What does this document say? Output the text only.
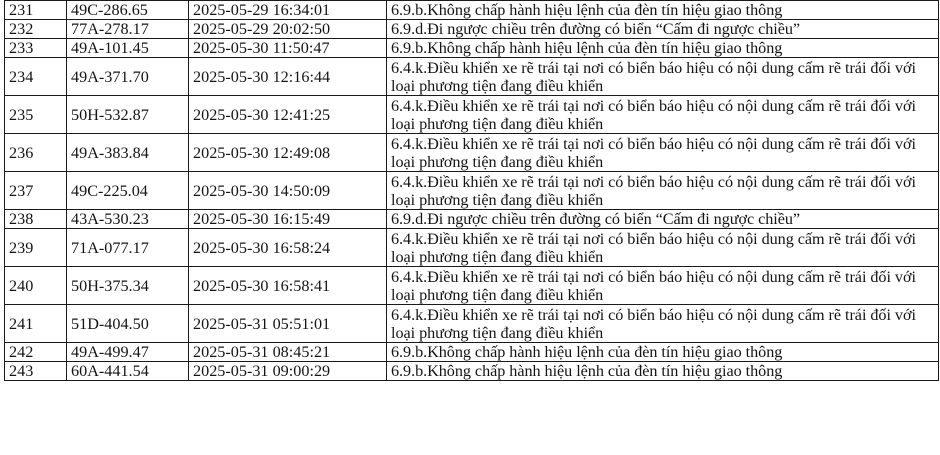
231	49C-286.65	2025-05-29 16:34:01	6.9.b.Không chấp hành hiệu lệnh của đèn tín hiệu giao thông
232	77A-278.17	2025-05-29 20:02:50	6.9.d.Đi ngược chiều trên đường có biển “Cấm đi ngược chiều”
233	49A-101.45	2025-05-30 11:50:47	6.9.b.Không chấp hành hiệu lệnh của đèn tín hiệu giao thông
234	49A-371.70	2025-05-30 12:16:44	6.4.k.Điều khiển xe rẽ trái tại nơi có biển báo hiệu có nội dung cấm rẽ trái đối với loại phương tiện đang điều khiển
235	50H-532.87	2025-05-30 12:41:25	6.4.k.Điều khiển xe rẽ trái tại nơi có biển báo hiệu có nội dung cấm rẽ trái đối với loại phương tiện đang điều khiển
236	49A-383.84	2025-05-30 12:49:08	6.4.k.Điều khiển xe rẽ trái tại nơi có biển báo hiệu có nội dung cấm rẽ trái đối với loại phương tiện đang điều khiển
237	49C-225.04	2025-05-30 14:50:09	6.4.k.Điều khiển xe rẽ trái tại nơi có biển báo hiệu có nội dung cấm rẽ trái đối với loại phương tiện đang điều khiển
238	43A-530.23	2025-05-30 16:15:49	6.9.d.Đi ngược chiều trên đường có biển “Cấm đi ngược chiều”
239	71A-077.17	2025-05-30 16:58:24	6.4.k.Điều khiển xe rẽ trái tại nơi có biển báo hiệu có nội dung cấm rẽ trái đối với loại phương tiện đang điều khiển
240	50H-375.34	2025-05-30 16:58:41	6.4.k.Điều khiển xe rẽ trái tại nơi có biển báo hiệu có nội dung cấm rẽ trái đối với loại phương tiện đang điều khiển
241	51D-404.50	2025-05-31 05:51:01	6.4.k.Điều khiển xe rẽ trái tại nơi có biển báo hiệu có nội dung cấm rẽ trái đối với loại phương tiện đang điều khiển
242	49A-499.47	2025-05-31 08:45:21	6.9.b.Không chấp hành hiệu lệnh của đèn tín hiệu giao thông
243	60A-441.54	2025-05-31 09:00:29	6.9.b.Không chấp hành hiệu lệnh của đèn tín hiệu giao thông
